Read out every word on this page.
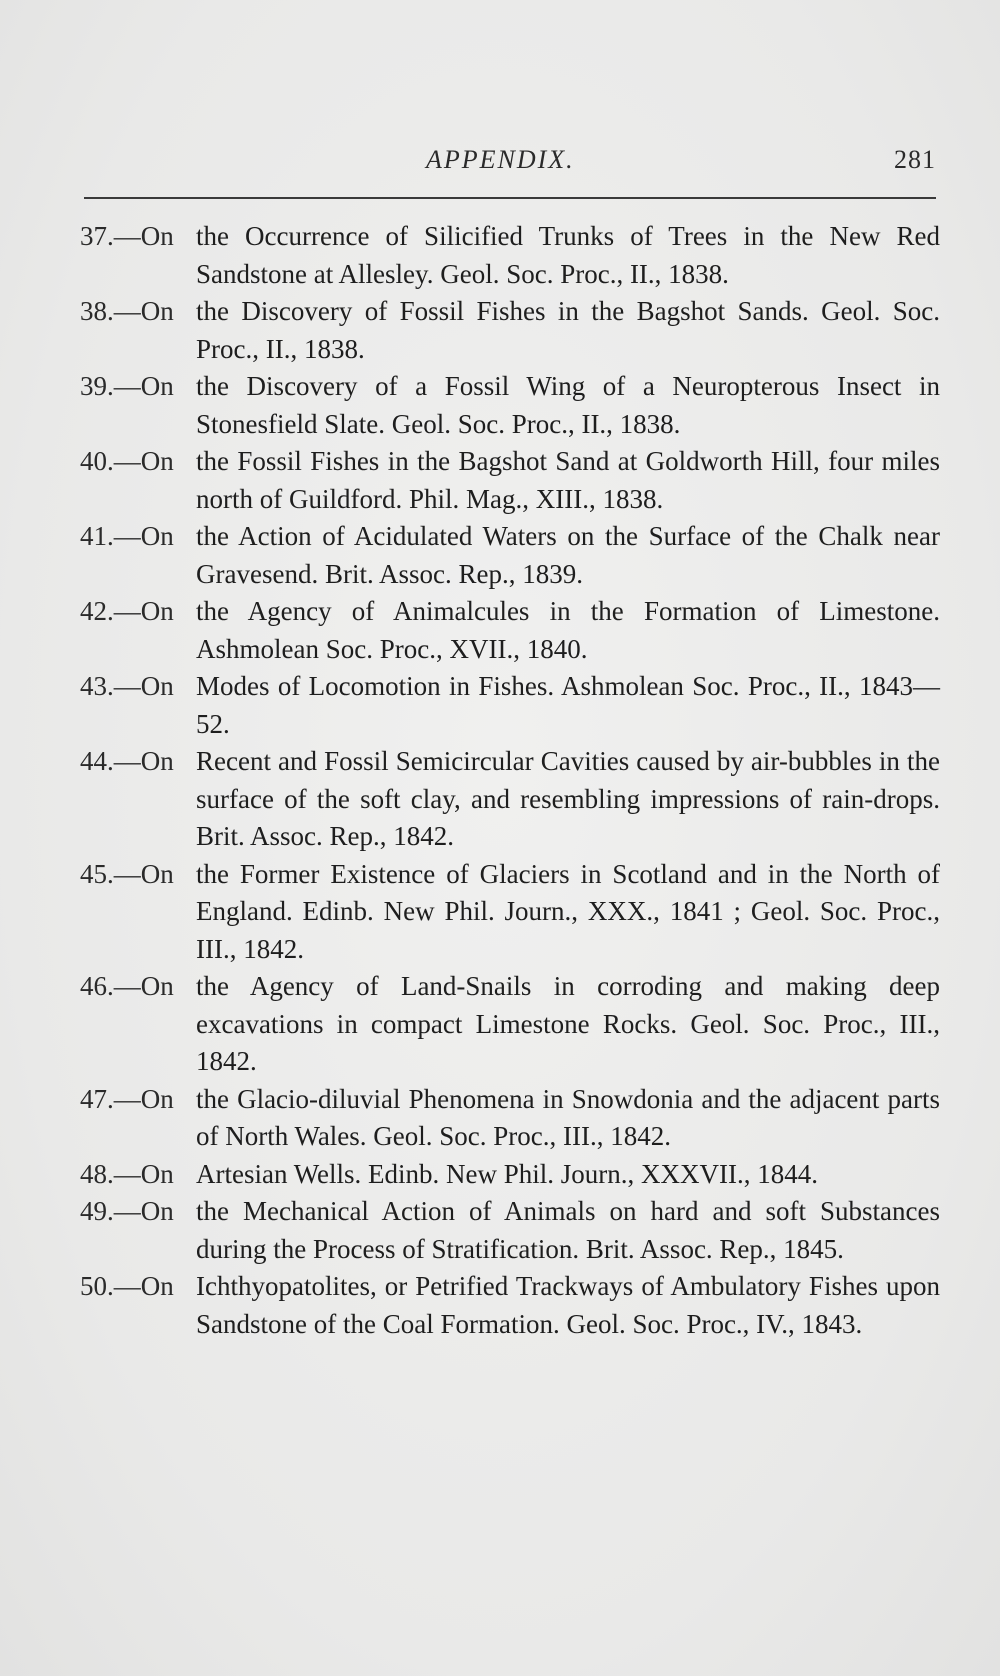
APPENDIX.	281
37.—On the Occurrence of Silicified Trunks of Trees in the New Red Sandstone at Allesley. Geol. Soc. Proc., II., 1838.
38.—On the Discovery of Fossil Fishes in the Bagshot Sands. Geol. Soc. Proc., II., 1838.
39.—On the Discovery of a Fossil Wing of a Neuropterous Insect in Stonesfield Slate. Geol. Soc. Proc., II., 1838.
40.—On the Fossil Fishes in the Bagshot Sand at Goldworth Hill, four miles north of Guildford. Phil. Mag., XIII., 1838.
41.—On the Action of Acidulated Waters on the Surface of the Chalk near Gravesend. Brit. Assoc. Rep., 1839.
42.—On the Agency of Animalcules in the Formation of Limestone. Ashmolean Soc. Proc., XVII., 1840.
43.—On Modes of Locomotion in Fishes. Ashmolean Soc. Proc., II., 1843—52.
44.—On Recent and Fossil Semicircular Cavities caused by air-bubbles in the surface of the soft clay, and resembling impressions of rain-drops. Brit. Assoc. Rep., 1842.
45.—On the Former Existence of Glaciers in Scotland and in the North of England. Edinb. New Phil. Journ., XXX., 1841 ; Geol. Soc. Proc., III., 1842.
46.—On the Agency of Land-Snails in corroding and making deep excavations in compact Limestone Rocks. Geol. Soc. Proc., III., 1842.
47.—On the Glacio-diluvial Phenomena in Snowdonia and the adjacent parts of North Wales. Geol. Soc. Proc., III., 1842.
48.—On Artesian Wells. Edinb. New Phil. Journ., XXXVII., 1844.
49.—On the Mechanical Action of Animals on hard and soft Substances during the Process of Stratification. Brit. Assoc. Rep., 1845.
50.—On Ichthyopatolites, or Petrified Trackways of Ambulatory Fishes upon Sandstone of the Coal Formation. Geol. Soc. Proc., IV., 1843.
